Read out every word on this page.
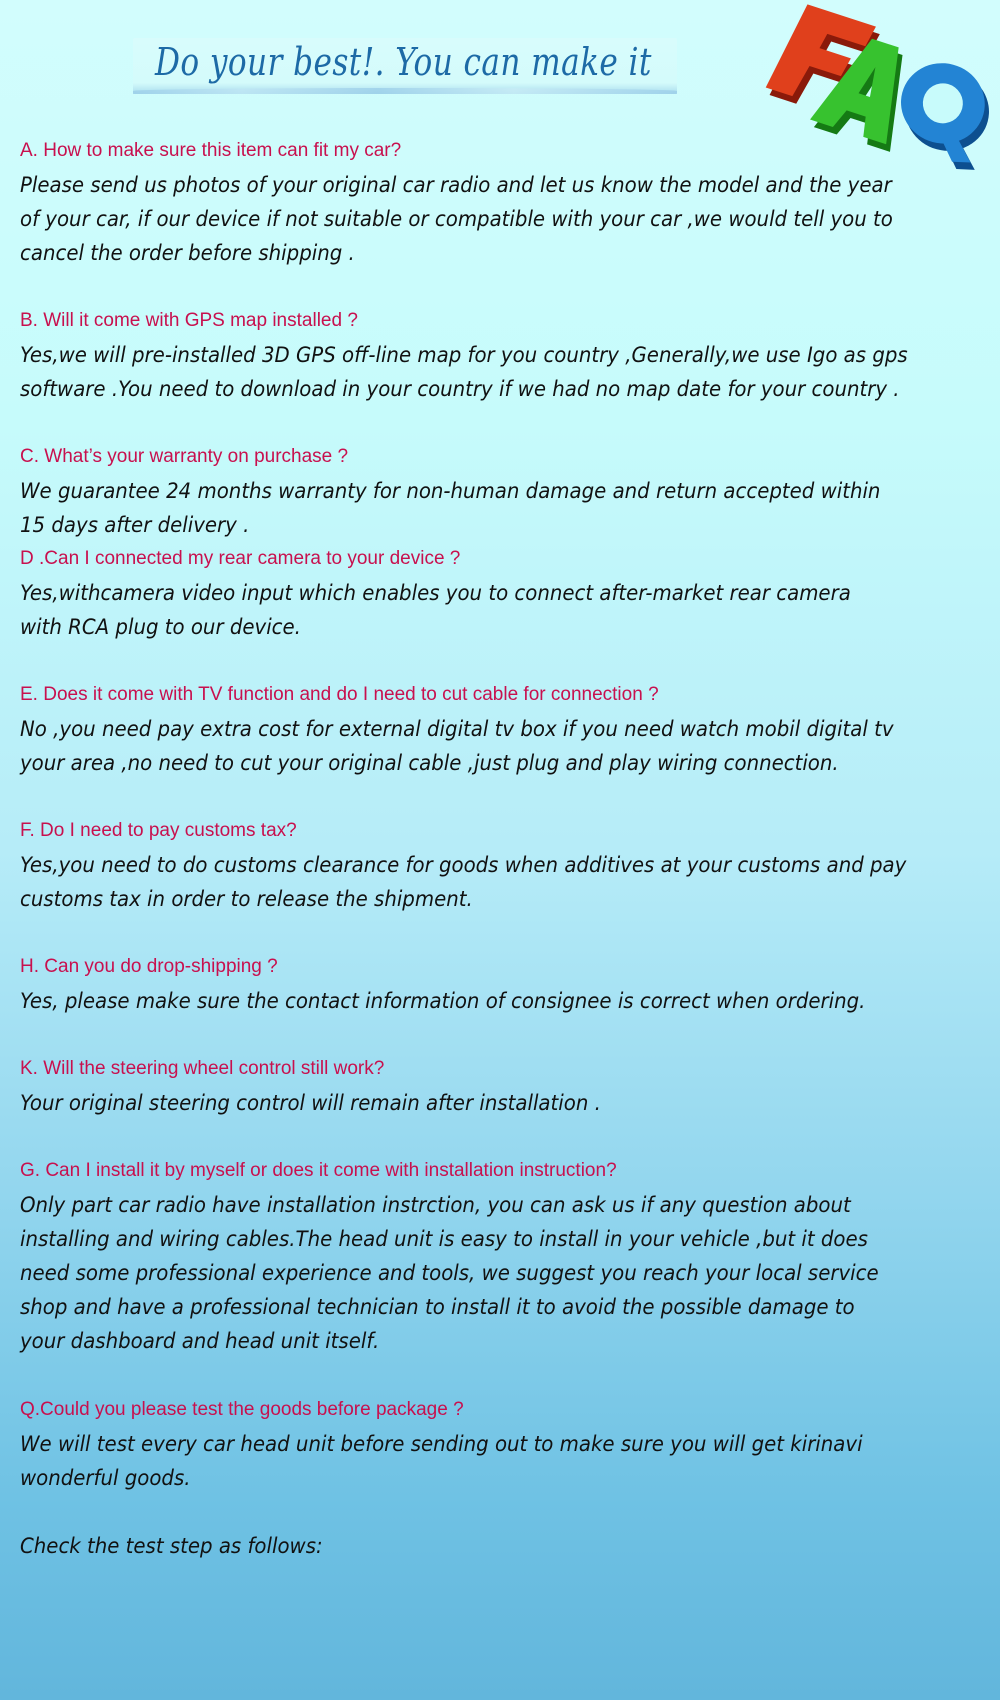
Do your best!. You can make it
A. How to make sure this item can fit my car?
Please send us photos of your original car radio and let us know the model and the year
of your car, if our device if not suitable or compatible with your car ,we would tell you to
cancel the order before shipping .
B. Will it come with GPS map installed ?
Yes,we will pre-installed 3D GPS off-line map for you country ,Generally,we use Igo as gps
software .You need to download in your country if we had no map date for your country .
C. What’s your warranty on purchase ?
We guarantee 24 months warranty for non-human damage and return accepted within
15 days after delivery .
D .Can I connected my rear camera to your device ?
Yes,withcamera video input which enables you to connect after-market rear camera
with RCA plug to our device.
E. Does it come with TV function and do I need to cut cable for connection ?
No ,you need pay extra cost for external digital tv box if you need watch mobil digital tv
your area ,no need to cut your original cable ,just plug and play wiring connection.
F. Do I need to pay customs tax?
Yes,you need to do customs clearance for goods when additives at your customs and pay
customs tax in order to release the shipment.
H. Can you do drop-shipping ?
Yes, please make sure the contact information of consignee is correct when ordering.
K. Will the steering wheel control still work?
Your original steering control will remain after installation .
G. Can I install it by myself or does it come with installation instruction?
Only part car radio have installation instrction, you can ask us if any question about
installing and wiring cables.The head unit is easy to install in your vehicle ,but it does
need some professional experience and tools, we suggest you reach your local service
shop and have a professional technician to install it to avoid the possible damage to
your dashboard and head unit itself.
Q.Could you please test the goods before package ?
We will test every car head unit before sending out to make sure you will get kirinavi
wonderful goods.
Check the test step as follows:
